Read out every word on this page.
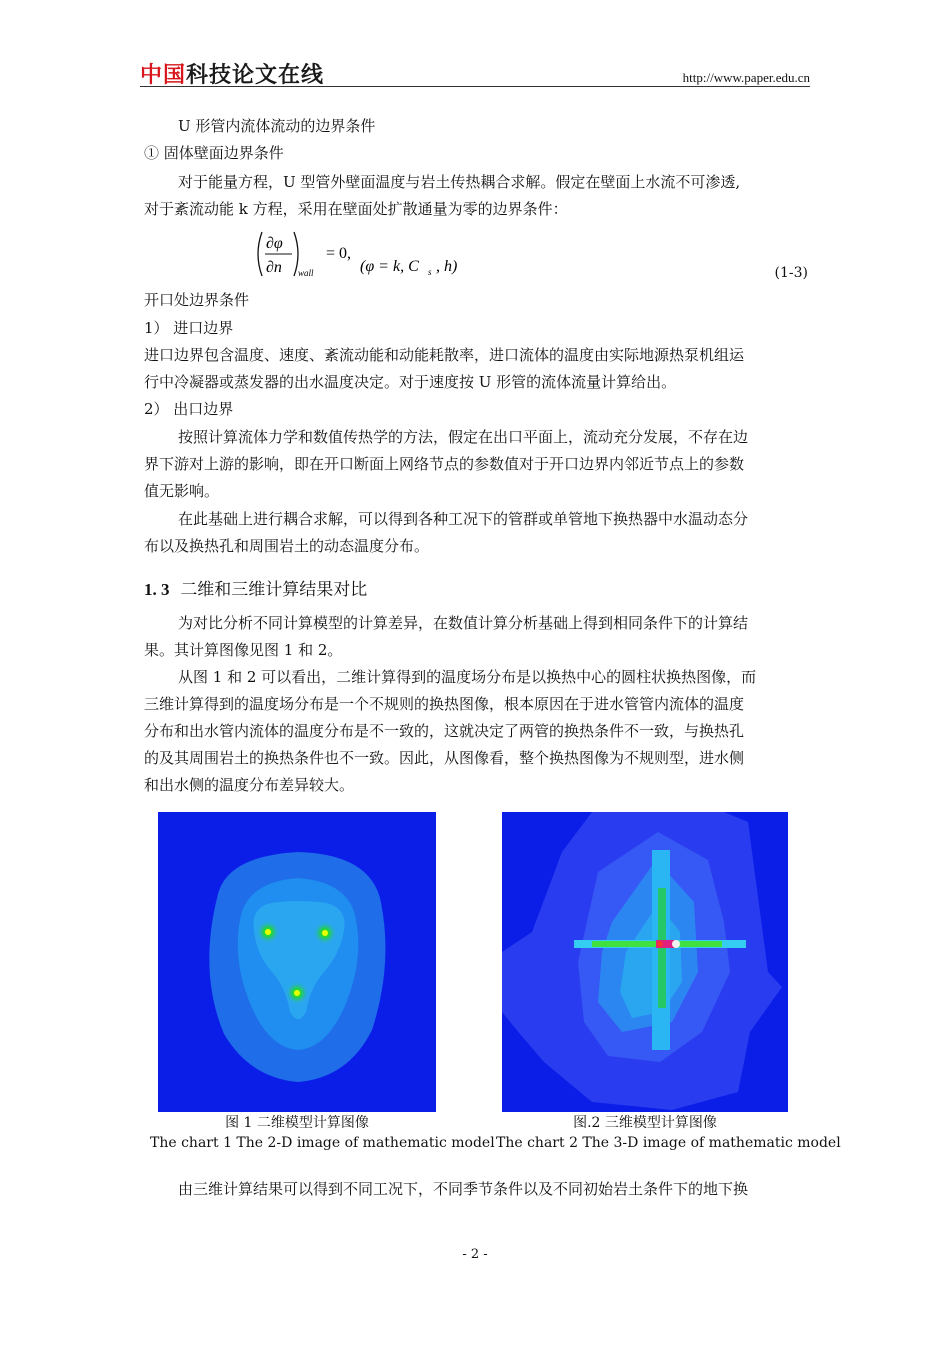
中国科技论文在线	http://www.paper.edu.cn
U 形管内流体流动的边界条件
① 固体壁面边界条件
对于能量方程，U 型管外壁面温度与岩土传热耦合求解。假定在壁面上水流不可渗透,
对于紊流动能 k 方程，采用在壁面处扩散通量为零的边界条件：
∂φ
∂n wall
= 0,
(φ = k, C s , h)	(1-3)
开口处边界条件
1） 进口边界
进口边界包含温度、速度、紊流动能和动能耗散率，进口流体的温度由实际地源热泵机组运
行中冷凝器或蒸发器的出水温度决定。对于速度按 U 形管的流体流量计算给出。
2） 出口边界
按照计算流体力学和数值传热学的方法，假定在出口平面上，流动充分发展，不存在边
界下游对上游的影响，即在开口断面上网络节点的参数值对于开口边界内邻近节点上的参数
值无影响。
在此基础上进行耦合求解，可以得到各种工况下的管群或单管地下换热器中水温动态分
布以及换热孔和周围岩土的动态温度分布。
1. 3 二维和三维计算结果对比
为对比分析不同计算模型的计算差异，在数值计算分析基础上得到相同条件下的计算结
果。其计算图像见图 1 和 2。
从图 1 和 2 可以看出，二维计算得到的温度场分布是以换热中心的圆柱状换热图像，而
三维计算得到的温度场分布是一个不规则的换热图像，根本原因在于进水管管内流体的温度
分布和出水管内流体的温度分布是不一致的，这就决定了两管的换热条件不一致，与换热孔
的及其周围岩土的换热条件也不一致。因此，从图像看，整个换热图像为不规则型，进水侧
和出水侧的温度分布差异较大。
图 1 二维模型计算图像
The chart 1 The 2-D image of mathematic model
图.2 三维模型计算图像
The chart 2 The 3-D image of mathematic model
由三维计算结果可以得到不同工况下，不同季节条件以及不同初始岩土条件下的地下换
- 2 -
